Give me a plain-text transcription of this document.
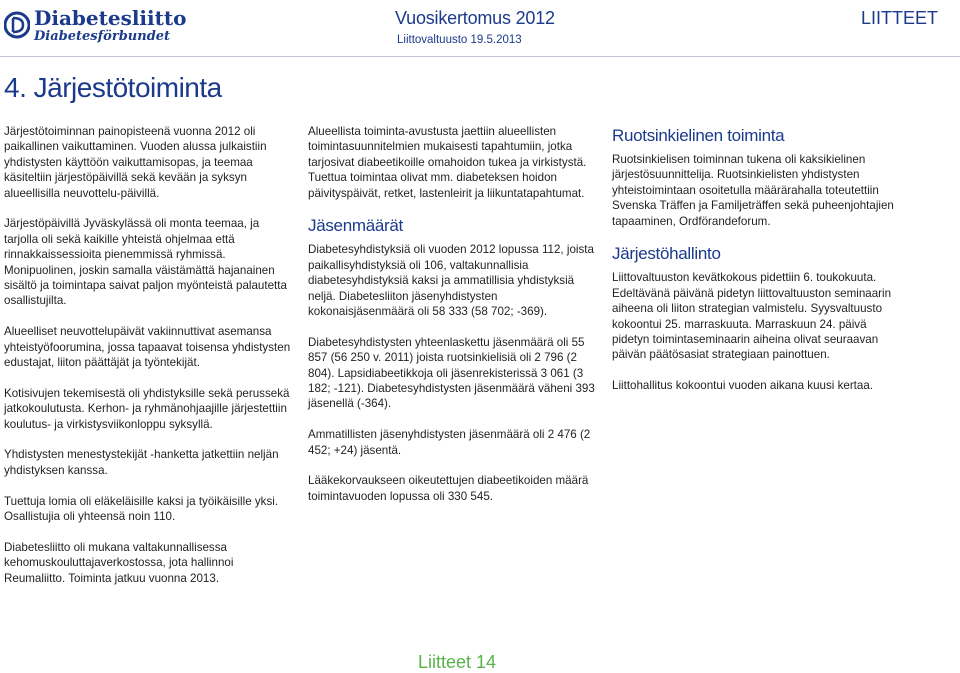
Diabetesliitto
Diabetesförbundet
Vuosikertomus 2012
Liittovaltuusto 19.5.2013
LIITTEET
4. Järjestötoiminta

Järjestötoiminnan painopisteenä vuonna 2012 oli paikallinen vaikuttaminen. Vuoden alussa julkaistiin yhdistysten käyttöön vaikuttamisopas, ja teemaa käsiteltiin järjestöpäivillä sekä kevään ja syksyn alueellisilla neuvottelu-päivillä.

Järjestöpäivillä Jyväskylässä oli monta teemaa, ja tarjolla oli sekä kaikille yhteistä ohjelmaa että rinnakkaissessioita pienemmissä ryhmissä. Monipuolinen, joskin samalla väistämättä hajanainen sisältö ja toimintapa saivat paljon myönteistä palautetta osallistujilta.

Alueelliset neuvottelupäivät vakiinnuttivat asemansa yhteistyöfoorumina, jossa tapaavat toisensa yhdistysten edustajat, liiton päättäjät ja työntekijät.

Kotisivujen tekemisestä oli yhdistyksille sekä perussekä jatkokoulutusta. Kerhon- ja ryhmänohjaajille järjestettiin koulutus- ja virkistysviikonloppu syksyllä.

Yhdistysten menestystekijät -hanketta jatkettiin neljän yhdistyksen kanssa.

Tuettuja lomia oli eläkeläisille kaksi ja työikäisille yksi. Osallistujia oli yhteensä noin 110.

Diabetesliitto oli mukana valtakunnallisessa kehomuskouluttajaverkostossa, jota hallinnoi Reumaliitto. Toiminta jatkuu vuonna 2013.

Alueellista toiminta-avustusta jaettiin alueellisten toimintasuunnitelmien mukaisesti tapahtumiin, jotka tarjosivat diabeetikoille omahoidon tukea ja virkistystä. Tuettua toimintaa olivat mm. diabeteksen hoidon päivityspäivät, retket, lastenleirit ja liikuntatapahtumat.

Jäsenmäärät

Diabetesyhdistyksiä oli vuoden 2012 lopussa 112, joista paikallisyhdistyksiä oli 106, valtakunnallisia diabetesyhdistyksiä kaksi ja ammatillisia yhdistyksiä neljä. Diabetesliiton jäsenyhdistysten kokonaisjäsenmäärä oli 58 333 (58 702; -369).

Diabetesyhdistysten yhteenlaskettu jäsenmäärä oli 55 857 (56 250 v. 2011) joista ruotsinkielisiä oli 2 796 (2 804). Lapsidiabeetikkoja oli jäsenrekisterissä 3 061 (3 182; -121). Diabetesyhdistysten jäsenmäärä väheni 393 jäsenellä (-364).

Ammatillisten jäsenyhdistysten jäsenmäärä oli 2 476 (2 452; +24) jäsentä.

Lääkekorvaukseen oikeutettujen diabeetikoiden määrä toimintavuoden lopussa oli 330 545.

Ruotsinkielinen toiminta

Ruotsinkielisen toiminnan tukena oli kaksikielinen järjestösuunnittelija. Ruotsinkielisten yhdistysten yhteistoimintaan osoitetulla määrärahalla toteutettiin Svenska Träffen ja Familjeträffen sekä puheenjohtajien tapaaminen, Ordförandeforum.

Järjestöhallinto

Liittovaltuuston kevätkokous pidettiin 6. toukokuuta. Edeltävänä päivänä pidetyn liittovaltuuston seminaarin aiheena oli liiton strategian valmistelu. Syysvaltuusto kokoontui 25. marraskuuta. Marraskuun 24. päivä pidetyn toimintaseminaarin aiheina olivat seuraavan päivän päätösasiat strategiaan painottuen.

Liittohallitus kokoontui vuoden aikana kuusi kertaa.

Liitteet 14
